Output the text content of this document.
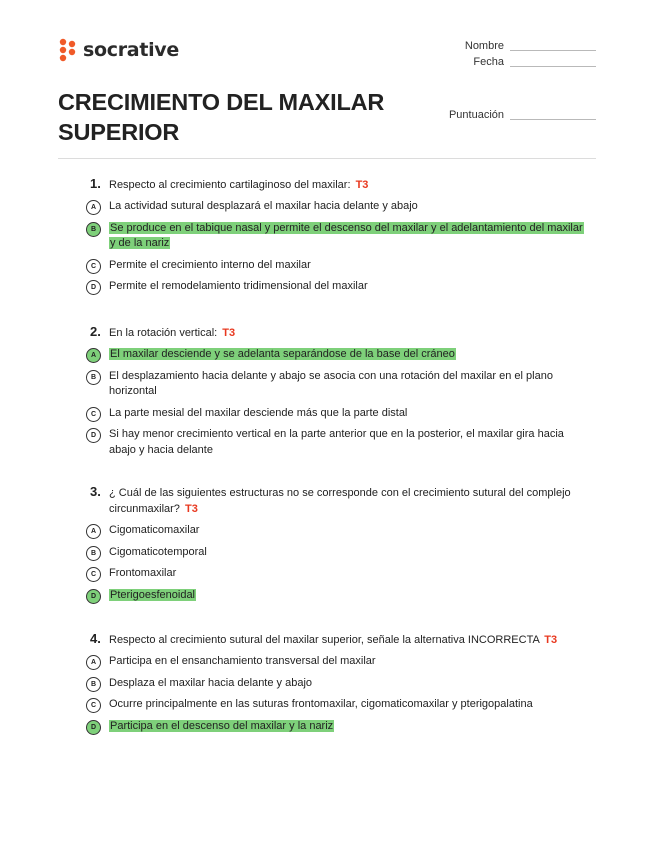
socrative	Nombre
Fecha
Puntuación
CRECIMIENTO DEL MAXILAR SUPERIOR
1. Respecto al crecimiento cartilaginoso del maxilar: T3
A	La actividad sutural desplazará el maxilar hacia delante y abajo
B	Se produce en el tabique nasal y permite el descenso del maxilar y el adelantamiento del maxilar y de la nariz
C	Permite el crecimiento interno del maxilar
D	Permite el remodelamiento tridimensional del maxilar
2. En la rotación vertical: T3
A	El maxilar desciende y se adelanta separándose de la base del cráneo
B	El desplazamiento hacia delante y abajo se asocia con una rotación del maxilar en el plano horizontal
C	La parte mesial del maxilar desciende más que la parte distal
D	Si hay menor crecimiento vertical en la parte anterior que en la posterior, el maxilar gira hacia abajo y hacia delante
3. ¿ Cuál de las siguientes estructuras no se corresponde con el crecimiento sutural del complejo circunmaxilar? T3
A	Cigomaticomaxilar
B	Cigomaticotemporal
C	Frontomaxilar
D	Pterigoesfenoidal
4. Respecto al crecimiento sutural del maxilar superior, señale la alternativa INCORRECTA T3
A	Participa en el ensanchamiento transversal del maxilar
B	Desplaza el maxilar hacia delante y abajo
C	Ocurre principalmente en las suturas frontomaxilar, cigomaticomaxilar y pterigopalatina
D	Participa en el descenso del maxilar y la nariz
